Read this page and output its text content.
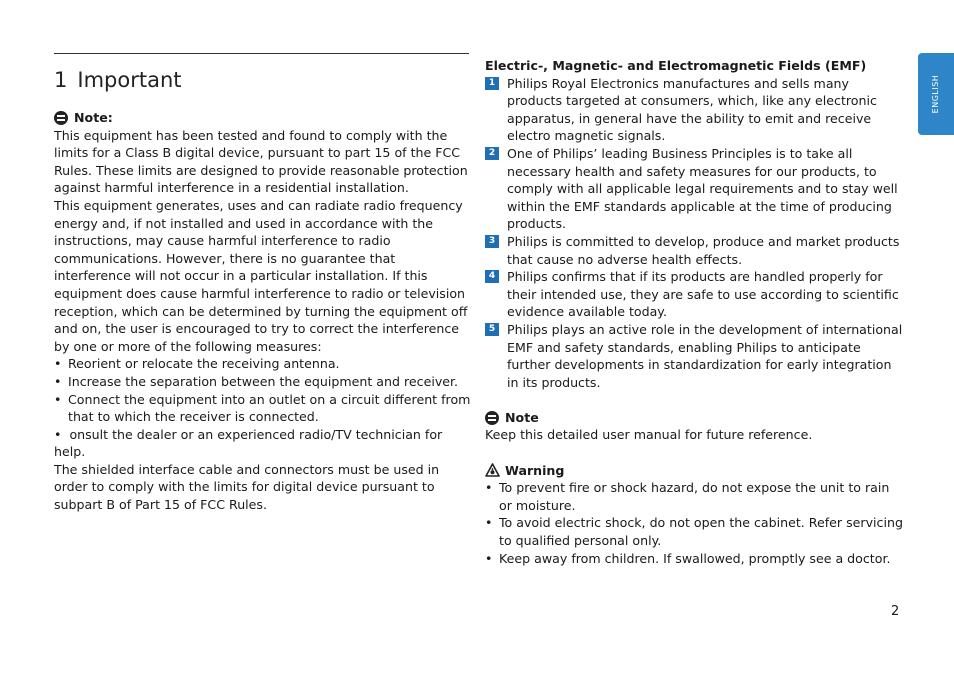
1 Important
Note:

This equipment has been tested and found to comply with the limits for a Class B digital device, pursuant to part 15 of the FCC Rules. These limits are designed to provide reasonable protection against harmful interference in a residential installation.

This equipment generates, uses and can radiate radio frequency energy and, if not installed and used in accordance with the instructions, may cause harmful interference to radio communications. However, there is no guarantee that interference will not occur in a particular installation. If this equipment does cause harmful interference to radio or television reception, which can be determined by turning the equipment off and on, the user is encouraged to try to correct the interference by one or more of the following measures:

• Reorient or relocate the receiving antenna.
• Increase the separation between the equipment and receiver.
• Connect the equipment into an outlet on a circuit different from that to which the receiver is connected.

•  onsult the dealer or an experienced radio/TV technician for help.

The shielded interface cable and connectors must be used in order to comply with the limits for digital device pursuant to subpart B of Part 15 of FCC Rules.

Electric-, Magnetic- and Electromagnetic Fields (EMF)

1 Philips Royal Electronics manufactures and sells many products targeted at consumers, which, like any electronic apparatus, in general have the ability to emit and receive electro magnetic signals.
2 One of Philips’ leading Business Principles is to take all necessary health and safety measures for our products, to comply with all applicable legal requirements and to stay well within the EMF standards applicable at the time of producing products.
3 Philips is committed to develop, produce and market products that cause no adverse health effects.
4 Philips confirms that if its products are handled properly for their intended use, they are safe to use according to scientific evidence available today.
5 Philips plays an active role in the development of international EMF and safety standards, enabling Philips to anticipate further developments in standardization for early integration in its products.
Note

Keep this detailed user manual for future reference.

Warning
• To prevent fire or shock hazard, do not expose the unit to rain or moisture.
• To avoid electric shock, do not open the cabinet. Refer servicing to qualified personal only.
• Keep away from children. If swallowed, promptly see a doctor.
ENGLISH
2
